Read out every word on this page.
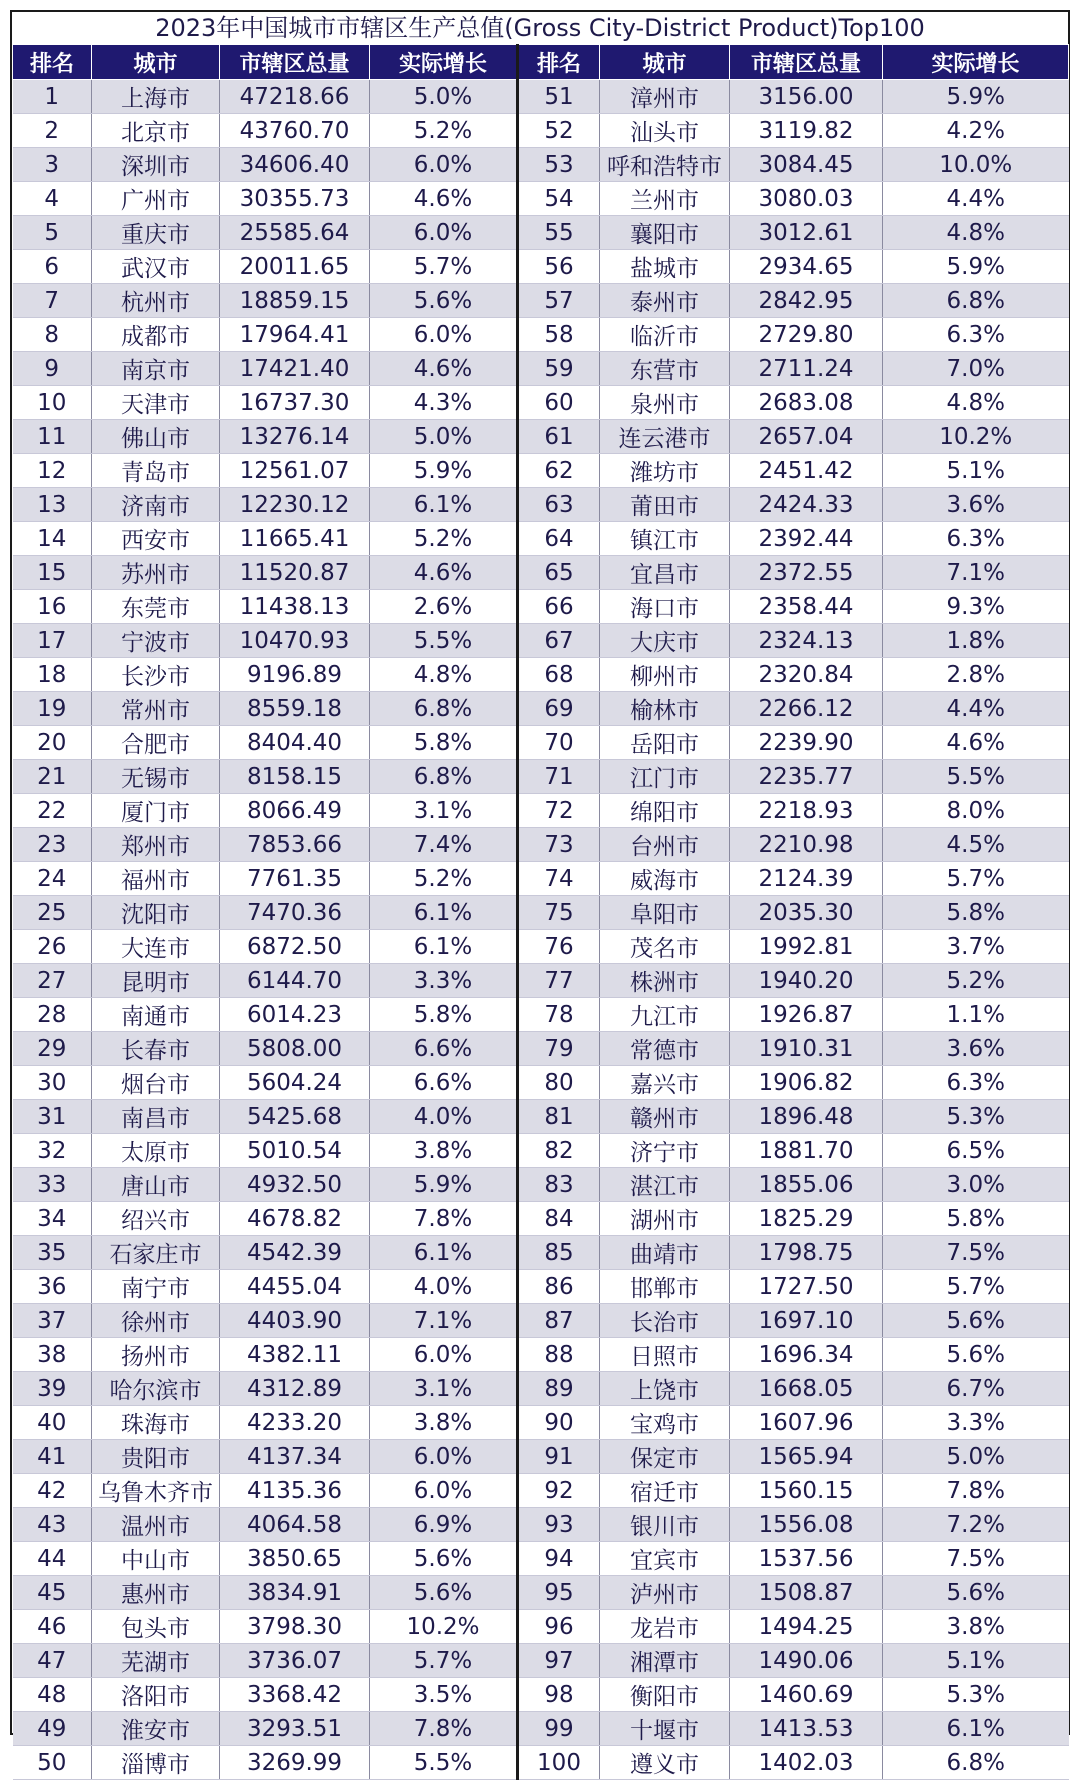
2023年中国城市市辖区生产总值(Gross City-District Product)Top100
排名	城市	市辖区总量	实际增长	排名	城市	市辖区总量	实际增长
1	上海市	47218.66	5.0%	51	漳州市	3156.00	5.9%
2	北京市	43760.70	5.2%	52	汕头市	3119.82	4.2%
3	深圳市	34606.40	6.0%	53	呼和浩特市	3084.45	10.0%
4	广州市	30355.73	4.6%	54	兰州市	3080.03	4.4%
5	重庆市	25585.64	6.0%	55	襄阳市	3012.61	4.8%
6	武汉市	20011.65	5.7%	56	盐城市	2934.65	5.9%
7	杭州市	18859.15	5.6%	57	泰州市	2842.95	6.8%
8	成都市	17964.41	6.0%	58	临沂市	2729.80	6.3%
9	南京市	17421.40	4.6%	59	东营市	2711.24	7.0%
10	天津市	16737.30	4.3%	60	泉州市	2683.08	4.8%
11	佛山市	13276.14	5.0%	61	连云港市	2657.04	10.2%
12	青岛市	12561.07	5.9%	62	潍坊市	2451.42	5.1%
13	济南市	12230.12	6.1%	63	莆田市	2424.33	3.6%
14	西安市	11665.41	5.2%	64	镇江市	2392.44	6.3%
15	苏州市	11520.87	4.6%	65	宜昌市	2372.55	7.1%
16	东莞市	11438.13	2.6%	66	海口市	2358.44	9.3%
17	宁波市	10470.93	5.5%	67	大庆市	2324.13	1.8%
18	长沙市	9196.89	4.8%	68	柳州市	2320.84	2.8%
19	常州市	8559.18	6.8%	69	榆林市	2266.12	4.4%
20	合肥市	8404.40	5.8%	70	岳阳市	2239.90	4.6%
21	无锡市	8158.15	6.8%	71	江门市	2235.77	5.5%
22	厦门市	8066.49	3.1%	72	绵阳市	2218.93	8.0%
23	郑州市	7853.66	7.4%	73	台州市	2210.98	4.5%
24	福州市	7761.35	5.2%	74	威海市	2124.39	5.7%
25	沈阳市	7470.36	6.1%	75	阜阳市	2035.30	5.8%
26	大连市	6872.50	6.1%	76	茂名市	1992.81	3.7%
27	昆明市	6144.70	3.3%	77	株洲市	1940.20	5.2%
28	南通市	6014.23	5.8%	78	九江市	1926.87	1.1%
29	长春市	5808.00	6.6%	79	常德市	1910.31	3.6%
30	烟台市	5604.24	6.6%	80	嘉兴市	1906.82	6.3%
31	南昌市	5425.68	4.0%	81	赣州市	1896.48	5.3%
32	太原市	5010.54	3.8%	82	济宁市	1881.70	6.5%
33	唐山市	4932.50	5.9%	83	湛江市	1855.06	3.0%
34	绍兴市	4678.82	7.8%	84	湖州市	1825.29	5.8%
35	石家庄市	4542.39	6.1%	85	曲靖市	1798.75	7.5%
36	南宁市	4455.04	4.0%	86	邯郸市	1727.50	5.7%
37	徐州市	4403.90	7.1%	87	长治市	1697.10	5.6%
38	扬州市	4382.11	6.0%	88	日照市	1696.34	5.6%
39	哈尔滨市	4312.89	3.1%	89	上饶市	1668.05	6.7%
40	珠海市	4233.20	3.8%	90	宝鸡市	1607.96	3.3%
41	贵阳市	4137.34	6.0%	91	保定市	1565.94	5.0%
42	乌鲁木齐市	4135.36	6.0%	92	宿迁市	1560.15	7.8%
43	温州市	4064.58	6.9%	93	银川市	1556.08	7.2%
44	中山市	3850.65	5.6%	94	宜宾市	1537.56	7.5%
45	惠州市	3834.91	5.6%	95	泸州市	1508.87	5.6%
46	包头市	3798.30	10.2%	96	龙岩市	1494.25	3.8%
47	芜湖市	3736.07	5.7%	97	湘潭市	1490.06	5.1%
48	洛阳市	3368.42	3.5%	98	衡阳市	1460.69	5.3%
49	淮安市	3293.51	7.8%	99	十堰市	1413.53	6.1%
50	淄博市	3269.99	5.5%	100	遵义市	1402.03	6.8%
